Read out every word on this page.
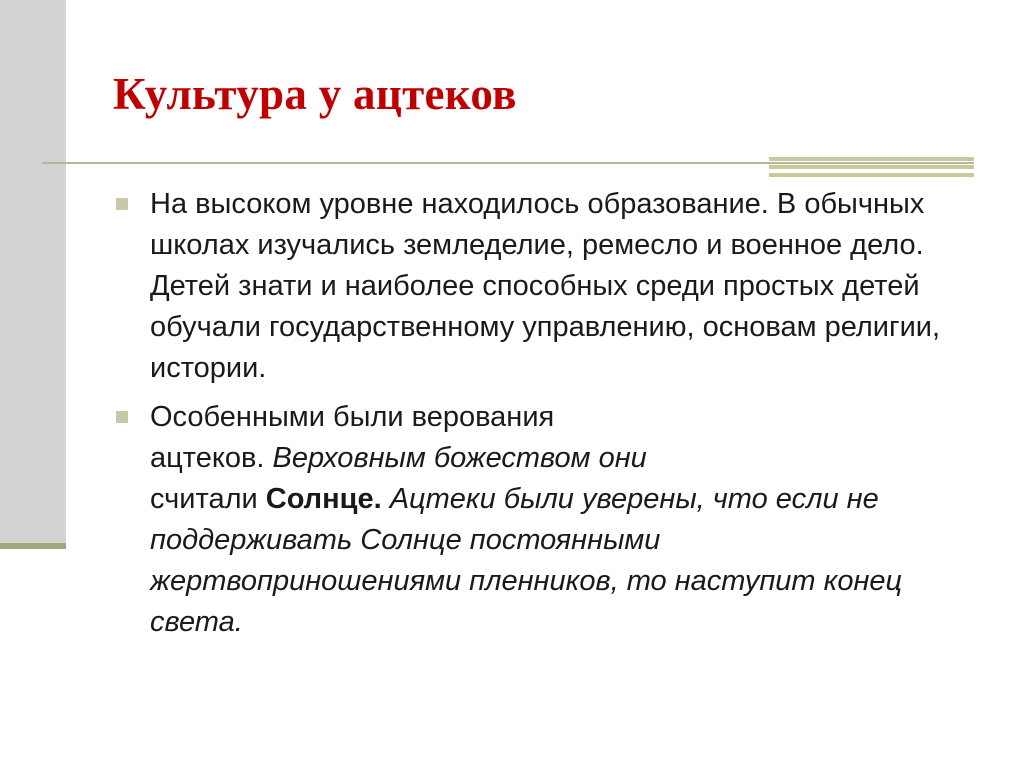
Культура у ацтеков
На высоком уровне находилось образование. В обычных школах изучались земледелие, ремесло и военное дело. Детей знати и наиболее способных среди простых детей обучали государственному управлению, основам религии, истории.
Особенными были верования
ацтеков. Верховным божеством они
считали Солнце. Ацтеки были уверены, что если не поддерживать Солнце постоянными жертвоприношениями пленников, то наступит конец света.
